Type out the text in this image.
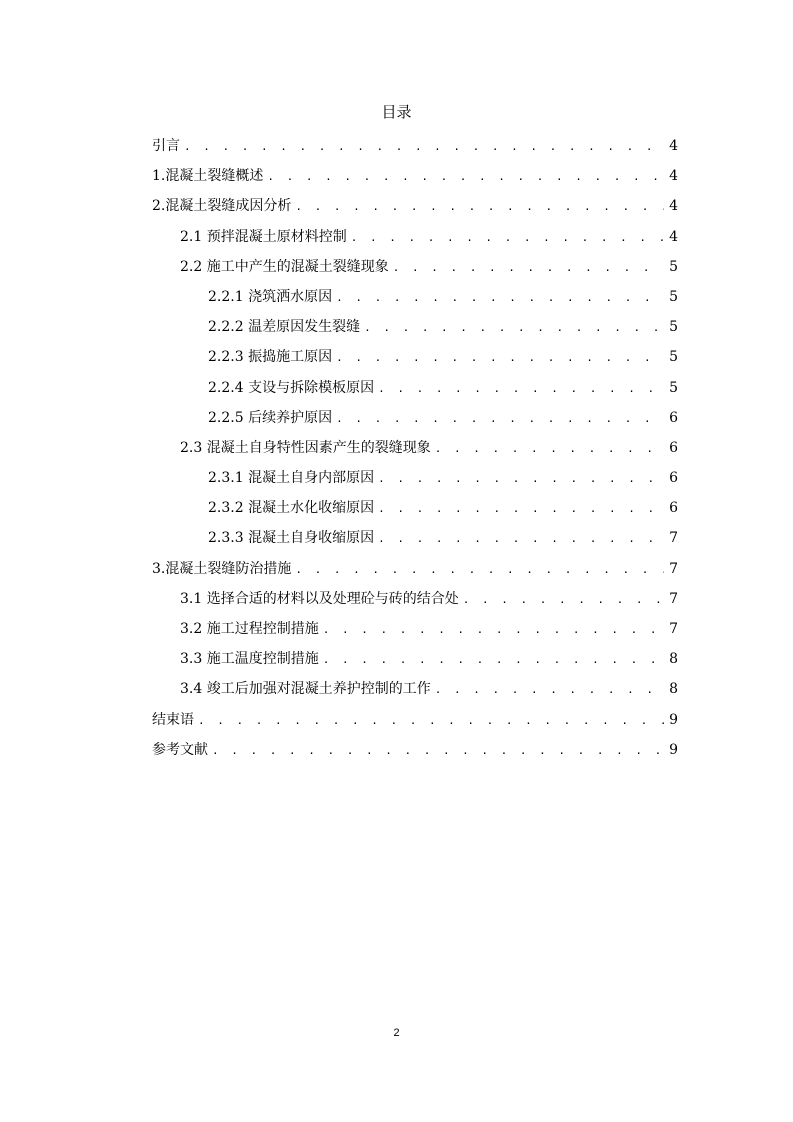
目录
引言 . . .	4
1.混凝土裂缝概述 . . .	4
2.混凝土裂缝成因分析 . . .	4
2.1 预拌混凝土原材料控制 . . .	4
2.2 施工中产生的混凝土裂缝现象 . . .	5
2.2.1 浇筑洒水原因 . . .	5
2.2.2 温差原因发生裂缝 . . .	5
2.2.3 振捣施工原因 . . .	5
2.2.4 支设与拆除模板原因 . . .	5
2.2.5 后续养护原因 . . .	6
2.3 混凝土自身特性因素产生的裂缝现象 . . .	6
2.3.1 混凝土自身内部原因 . . .	6
2.3.2 混凝土水化收缩原因 . . .	6
2.3.3 混凝土自身收缩原因 . . .	7
3.混凝土裂缝防治措施 . . .	7
3.1 选择合适的材料以及处理砼与砖的结合处 . . .	7
3.2 施工过程控制措施 . . .	7
3.3 施工温度控制措施 . . .	8
3.4 竣工后加强对混凝土养护控制的工作 . . .	8
结束语 . . .	9
参考文献 . . .	9
2
